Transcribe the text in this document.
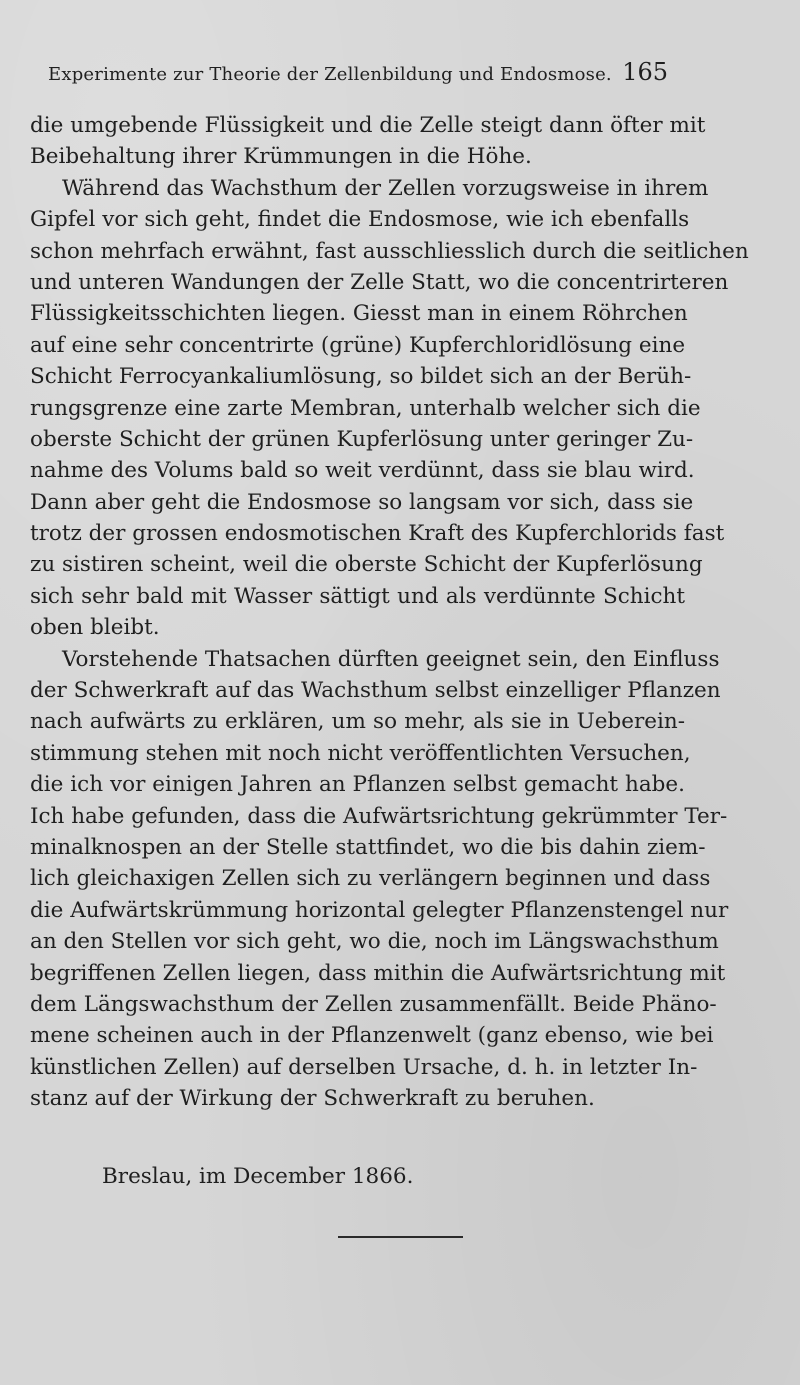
Experimente zur Theorie der Zellenbildung und Endosmose. 165
die umgebende Flüssigkeit und die Zelle steigt dann öfter mit
Beibehaltung ihrer Krümmungen in die Höhe.
Während das Wachsthum der Zellen vorzugsweise in ihrem
Gipfel vor sich geht, findet die Endosmose, wie ich ebenfalls
schon mehrfach erwähnt, fast ausschliesslich durch die seitlichen
und unteren Wandungen der Zelle Statt, wo die concentrirteren
Flüssigkeitsschichten liegen. Giesst man in einem Röhrchen
auf eine sehr concentrirte (grüne) Kupferchloridlösung eine
Schicht Ferrocyankaliumlösung, so bildet sich an der Berüh-
rungsgrenze eine zarte Membran, unterhalb welcher sich die
oberste Schicht der grünen Kupferlösung unter geringer Zu-
nahme des Volums bald so weit verdünnt, dass sie blau wird.
Dann aber geht die Endosmose so langsam vor sich, dass sie
trotz der grossen endosmotischen Kraft des Kupferchlorids fast
zu sistiren scheint, weil die oberste Schicht der Kupferlösung
sich sehr bald mit Wasser sättigt und als verdünnte Schicht
oben bleibt.
Vorstehende Thatsachen dürften geeignet sein, den Einfluss
der Schwerkraft auf das Wachsthum selbst einzelliger Pflanzen
nach aufwärts zu erklären, um so mehr, als sie in Ueberein-
stimmung stehen mit noch nicht veröffentlichten Versuchen,
die ich vor einigen Jahren an Pflanzen selbst gemacht habe.
Ich habe gefunden, dass die Aufwärtsrichtung gekrümmter Ter-
minalknospen an der Stelle stattfindet, wo die bis dahin ziem-
lich gleichaxigen Zellen sich zu verlängern beginnen und dass
die Aufwärtskrümmung horizontal gelegter Pflanzenstengel nur
an den Stellen vor sich geht, wo die, noch im Längswachsthum
begriffenen Zellen liegen, dass mithin die Aufwärtsrichtung mit
dem Längswachsthum der Zellen zusammenfällt. Beide Phäno-
mene scheinen auch in der Pflanzenwelt (ganz ebenso, wie bei
künstlichen Zellen) auf derselben Ursache, d. h. in letzter In-
stanz auf der Wirkung der Schwerkraft zu beruhen.
Breslau, im December 1866.
